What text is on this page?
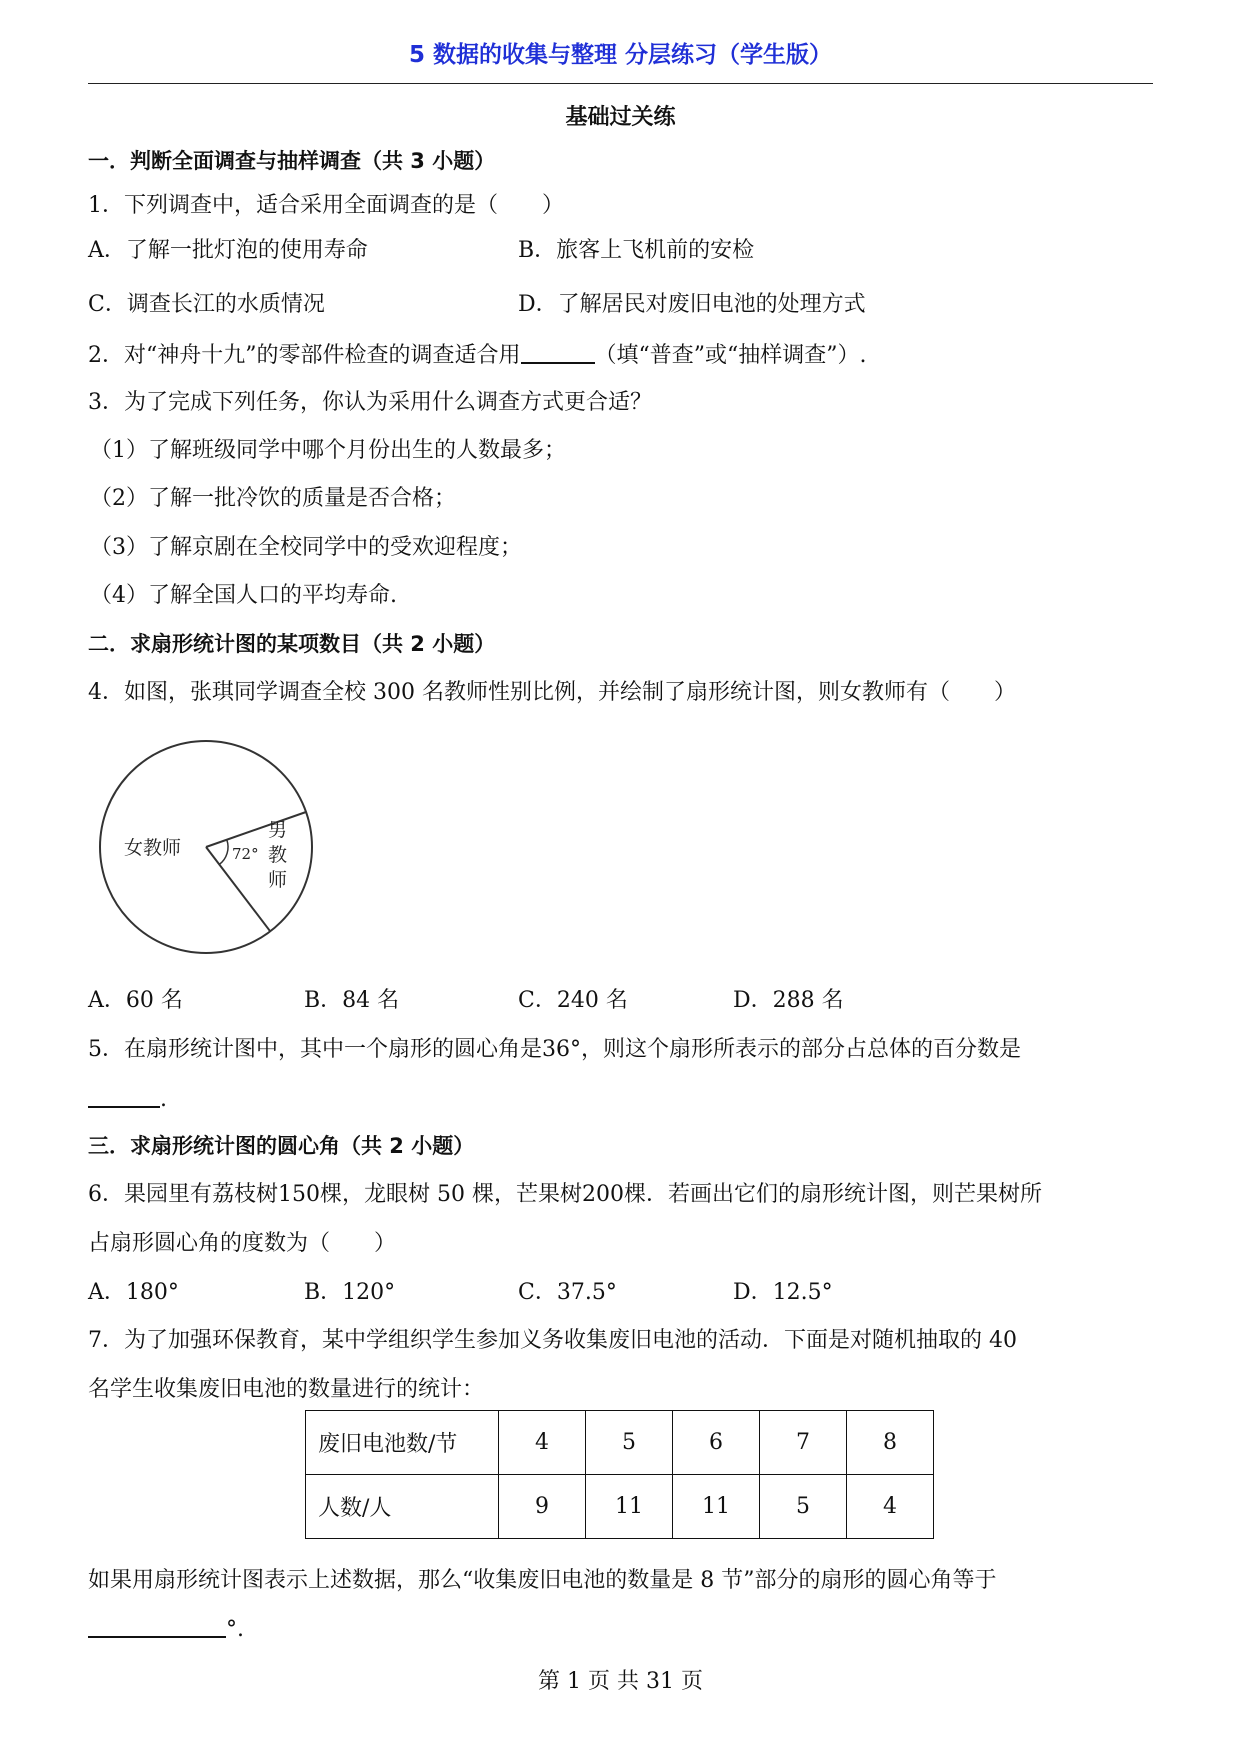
5 数据的收集与整理 分层练习（学生版）
基础过关练
一．判断全面调查与抽样调查（共 3 小题）
1．下列调查中，适合采用全面调查的是（　　）
A．了解一批灯泡的使用寿命	B．旅客上飞机前的安检
C．调查长江的水质情况	D．了解居民对废旧电池的处理方式
2．对“神舟十九”的零部件检查的调查适合用	（填“普查”或“抽样调查”）.
3．为了完成下列任务，你认为采用什么调查方式更合适？
（1）了解班级同学中哪个月份出生的人数最多；
（2）了解一批冷饮的质量是否合格；
（3）了解京剧在全校同学中的受欢迎程度；
（4）了解全国人口的平均寿命.
二．求扇形统计图的某项数目（共 2 小题）
4．如图，张琪同学调查全校 300 名教师性别比例，并绘制了扇形统计图，则女教师有（　　）
女教师	72°
男
教
师
A．60 名	B．84 名	C．240 名	D．288 名
5．在扇形统计图中，其中一个扇形的圆心角是36°，则这个扇形所表示的部分占总体的百分数是
.
三．求扇形统计图的圆心角（共 2 小题）
6．果园里有荔枝树150棵，龙眼树 50 棵，芒果树200棵．若画出它们的扇形统计图，则芒果树所
占扇形圆心角的度数为（　　）
A．180°	B．120°	C．37.5°	D．12.5°
7．为了加强环保教育，某中学组织学生参加义务收集废旧电池的活动．下面是对随机抽取的 40
名学生收集废旧电池的数量进行的统计：
废旧电池数/节	4	5	6	7	8
人数/人	9	11	11	5	4
如果用扇形统计图表示上述数据，那么“收集废旧电池的数量是 8 节”部分的扇形的圆心角等于
°.
第 1 页 共 31 页
